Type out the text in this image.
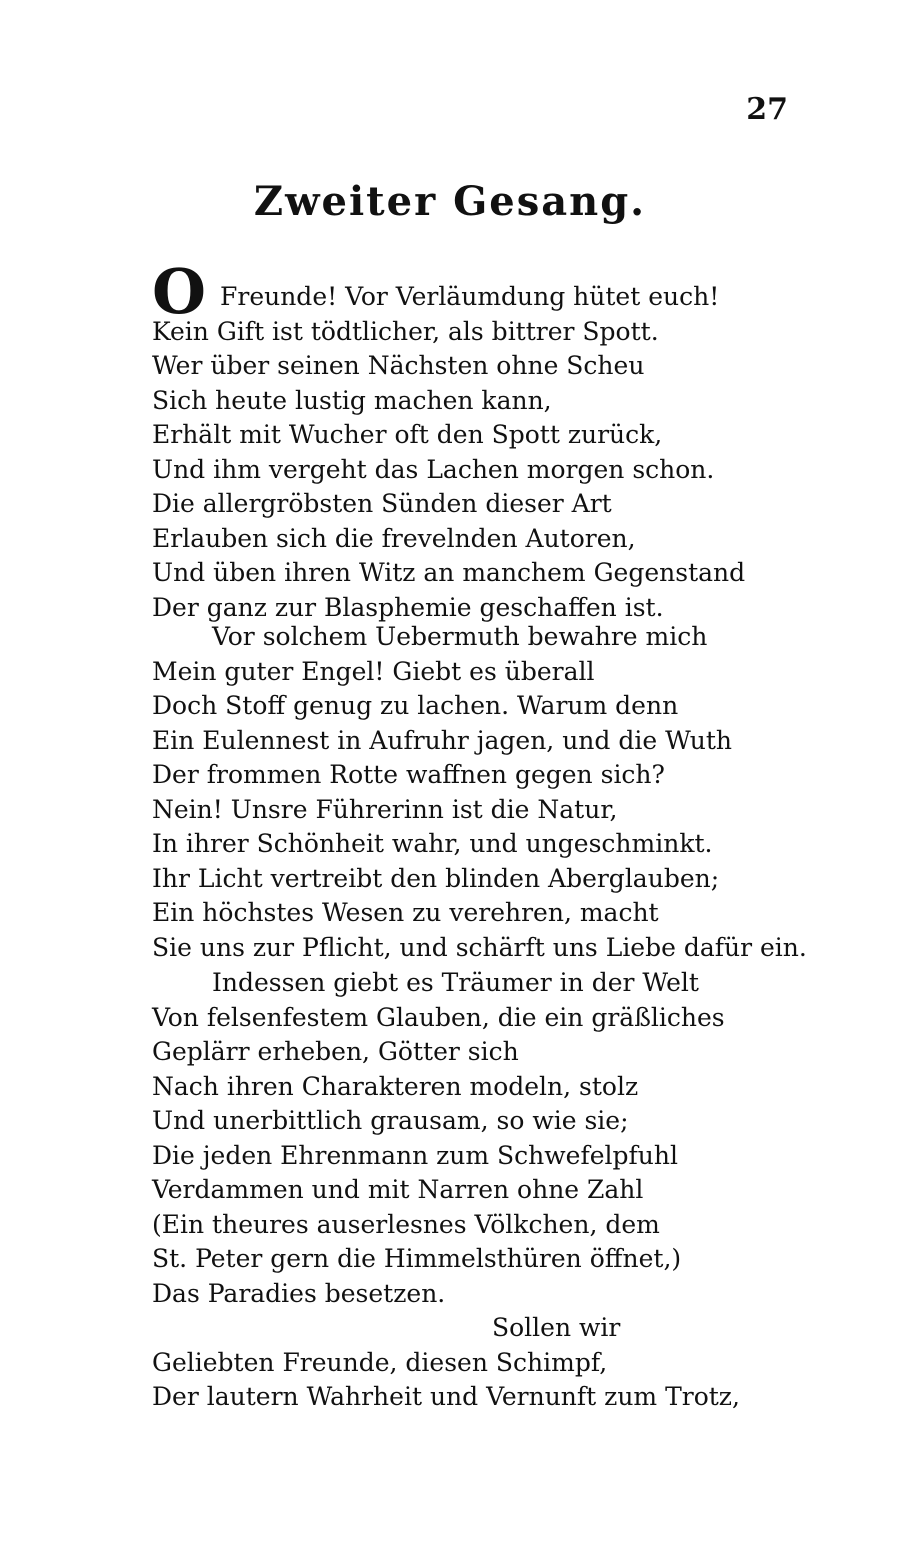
27
Zweiter Gesang.
O Freunde! Vor Verläumdung hütet euch!
Kein Gift ist tödtlicher, als bittrer Spott.
Wer über seinen Nächsten ohne Scheu
Sich heute lustig machen kann,
Erhält mit Wucher oft den Spott zurück,
Und ihm vergeht das Lachen morgen schon.
Die allergröbsten Sünden dieser Art
Erlauben sich die frevelnden Autoren,
Und üben ihren Witz an manchem Gegenstand
Der ganz zur Blasphemie geschaffen ist.
Vor solchem Uebermuth bewahre mich
Mein guter Engel! Giebt es überall
Doch Stoff genug zu lachen. Warum denn
Ein Eulennest in Aufruhr jagen, und die Wuth
Der frommen Rotte waffnen gegen sich?
Nein! Unsre Führerinn ist die Natur,
In ihrer Schönheit wahr, und ungeschminkt.
Ihr Licht vertreibt den blinden Aberglauben;
Ein höchstes Wesen zu verehren, macht
Sie uns zur Pflicht, und schärft uns Liebe dafür ein.
Indessen giebt es Träumer in der Welt
Von felsenfestem Glauben, die ein gräßliches
Geplärr erheben, Götter sich
Nach ihren Charakteren modeln, stolz
Und unerbittlich grausam, so wie sie;
Die jeden Ehrenmann zum Schwefelpfuhl
Verdammen und mit Narren ohne Zahl
(Ein theures auserlesnes Völkchen, dem
St. Peter gern die Himmelsthüren öffnet,)
Das Paradies besetzen.
Sollen wir
Geliebten Freunde, diesen Schimpf,
Der lautern Wahrheit und Vernunft zum Trotz,
